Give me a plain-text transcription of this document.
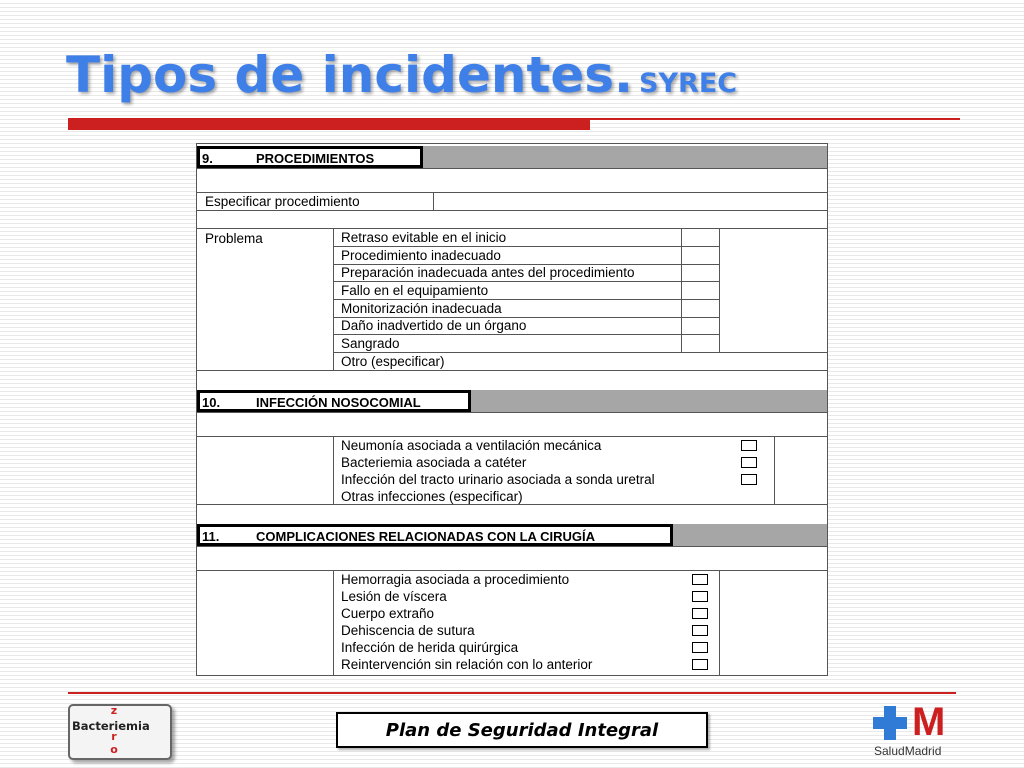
Tipos de incidentes. SYREC
9.	PROCEDIMIENTOS
Especificar procedimiento
Problema	Retraso evitable en el inicio
Procedimiento inadecuado
Preparación inadecuada antes del procedimiento
Fallo en el equipamiento
Monitorización inadecuada
Daño inadvertido de un órgano
Sangrado
Otro (especificar)
10.	INFECCIÓN NOSOCOMIAL
Neumonía asociada a ventilación mecánica
Bacteriemia asociada a catéter
Infección del tracto urinario asociada a sonda uretral
Otras infecciones (especificar)
11.	COMPLICACIONES RELACIONADAS CON LA CIRUGÍA
Hemorragia asociada a procedimiento
Lesión de víscera
Cuerpo extraño
Dehiscencia de sutura
Infección de herida quirúrgica
Reintervención sin relación con lo anterior
Bacteriemia
z
r
o
Plan de Seguridad Integral	M
SaludMadrid
